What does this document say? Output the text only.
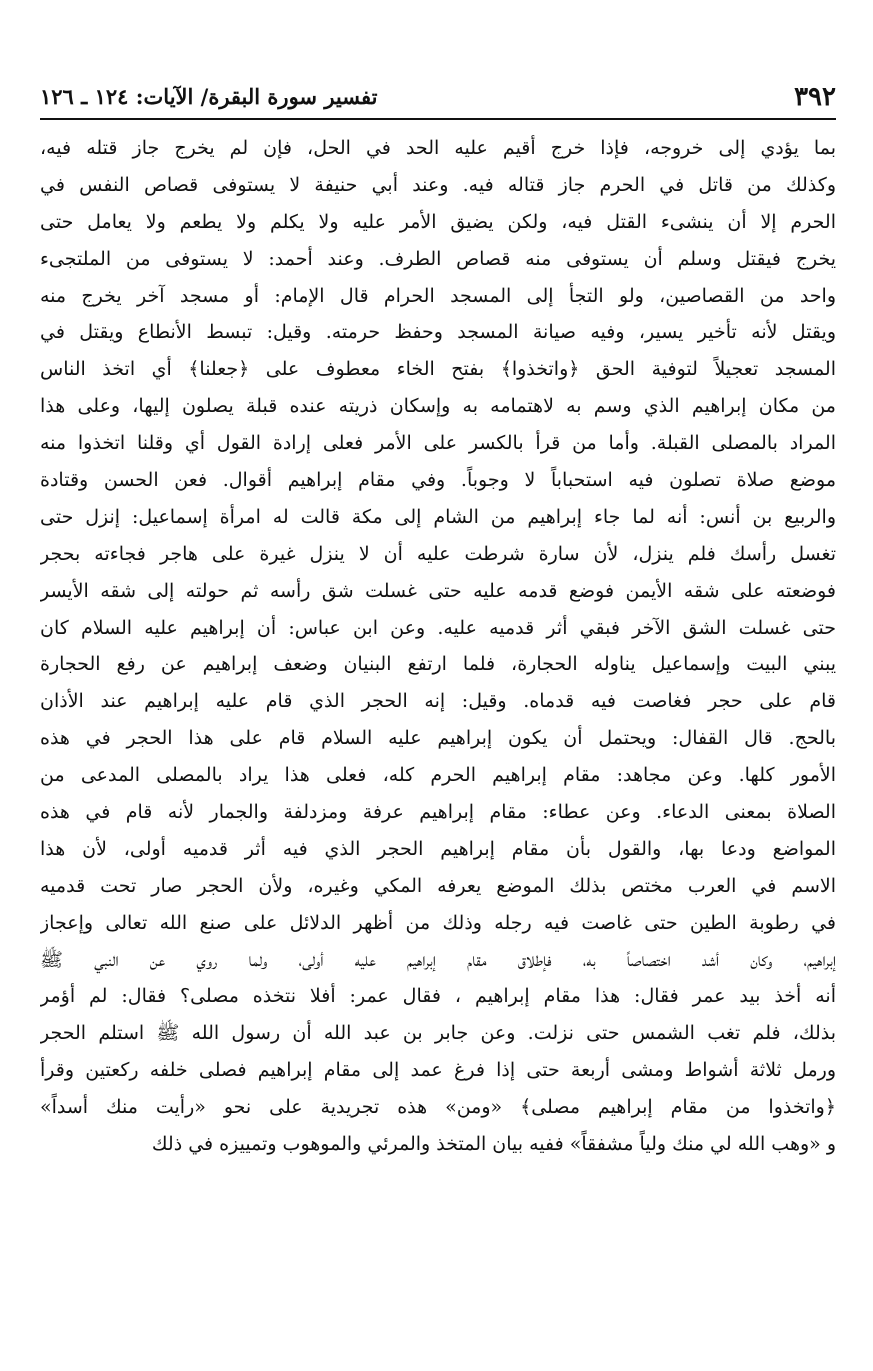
٣٩٢
تفسير سورة البقرة/ الآيات: ١٢٤ ـ ١٢٦
بما يؤدي إلى خروجه، فإذا خرج أقيم عليه الحد في الحل، فإن لم يخرج جاز قتله فيه،
وكذلك من قاتل في الحرم جاز قتاله فيه. وعند أبي حنيفة لا يستوفى قصاص النفس في
الحرم إلا أن ينشىء القتل فيه، ولكن يضيق الأمر عليه ولا يكلم ولا يطعم ولا يعامل حتى
يخرج فيقتل وسلم أن يستوفى منه قصاص الطرف. وعند أحمد: لا يستوفى من الملتجىء
واحد من القصاصين، ولو التجأ إلى المسجد الحرام قال الإمام: أو مسجد آخر يخرج منه
ويقتل لأنه تأخير يسير، وفيه صيانة المسجد وحفظ حرمته. وقيل: تبسط الأنطاع ويقتل في
المسجد تعجيلاً لتوفية الحق ﴿واتخذوا﴾ بفتح الخاء معطوف على ﴿جعلنا﴾ أي اتخذ الناس
من مكان إبراهيم الذي وسم به لاهتمامه به وإسكان ذريته عنده قبلة يصلون إليها، وعلى هذا
المراد بالمصلى القبلة. وأما من قرأ بالكسر على الأمر فعلى إرادة القول أي وقلنا اتخذوا منه
موضع صلاة تصلون فيه استحباباً لا وجوباً. وفي مقام إبراهيم أقوال. فعن الحسن وقتادة
والربيع بن أنس: أنه لما جاء إبراهيم من الشام إلى مكة قالت له امرأة إسماعيل: إنزل حتى
تغسل رأسك فلم ينزل، لأن سارة شرطت عليه أن لا ينزل غيرة على هاجر فجاءته بحجر
فوضعته على شقه الأيمن فوضع قدمه عليه حتى غسلت شق رأسه ثم حولته إلى شقه الأيسر
حتى غسلت الشق الآخر فبقي أثر قدميه عليه. وعن ابن عباس: أن إبراهيم عليه السلام كان
يبني البيت وإسماعيل يناوله الحجارة، فلما ارتفع البنيان وضعف إبراهيم عن رفع الحجارة
قام على حجر فغاصت فيه قدماه. وقيل: إنه الحجر الذي قام عليه إبراهيم عند الأذان
بالحج. قال القفال: ويحتمل أن يكون إبراهيم عليه السلام قام على هذا الحجر في هذه
الأمور كلها. وعن مجاهد: مقام إبراهيم الحرم كله، فعلى هذا يراد بالمصلى المدعى من
الصلاة بمعنى الدعاء. وعن عطاء: مقام إبراهيم عرفة ومزدلفة والجمار لأنه قام في هذه
المواضع ودعا بها، والقول بأن مقام إبراهيم الحجر الذي فيه أثر قدميه أولى، لأن هذا
الاسم في العرب مختص بذلك الموضع يعرفه المكي وغيره، ولأن الحجر صار تحت قدميه
في رطوبة الطين حتى غاصت فيه رجله وذلك من أظهر الدلائل على صنع الله تعالى وإعجاز
إبراهيم، وكان أشد اختصاصاً به، فإطلاق مقام إبراهيم عليه أولى، ولما روي عن النبي ﷺ
أنه أخذ بيد عمر فقال: هذا مقام إبراهيم ، فقال عمر: أفلا نتخذه مصلى؟ فقال: لم أؤمر
بذلك، فلم تغب الشمس حتى نزلت. وعن جابر بن عبد الله أن رسول الله ﷺ استلم الحجر
ورمل ثلاثة أشواط ومشى أربعة حتى إذا فرغ عمد إلى مقام إبراهيم فصلى خلفه ركعتين وقرأ
﴿واتخذوا من مقام إبراهيم مصلى﴾ «ومن» هذه تجريدية على نحو «رأيت منك أسداً»
و «وهب الله لي منك ولياً مشفقاً» ففيه بيان المتخذ والمرئي والموهوب وتمييزه في ذلك
